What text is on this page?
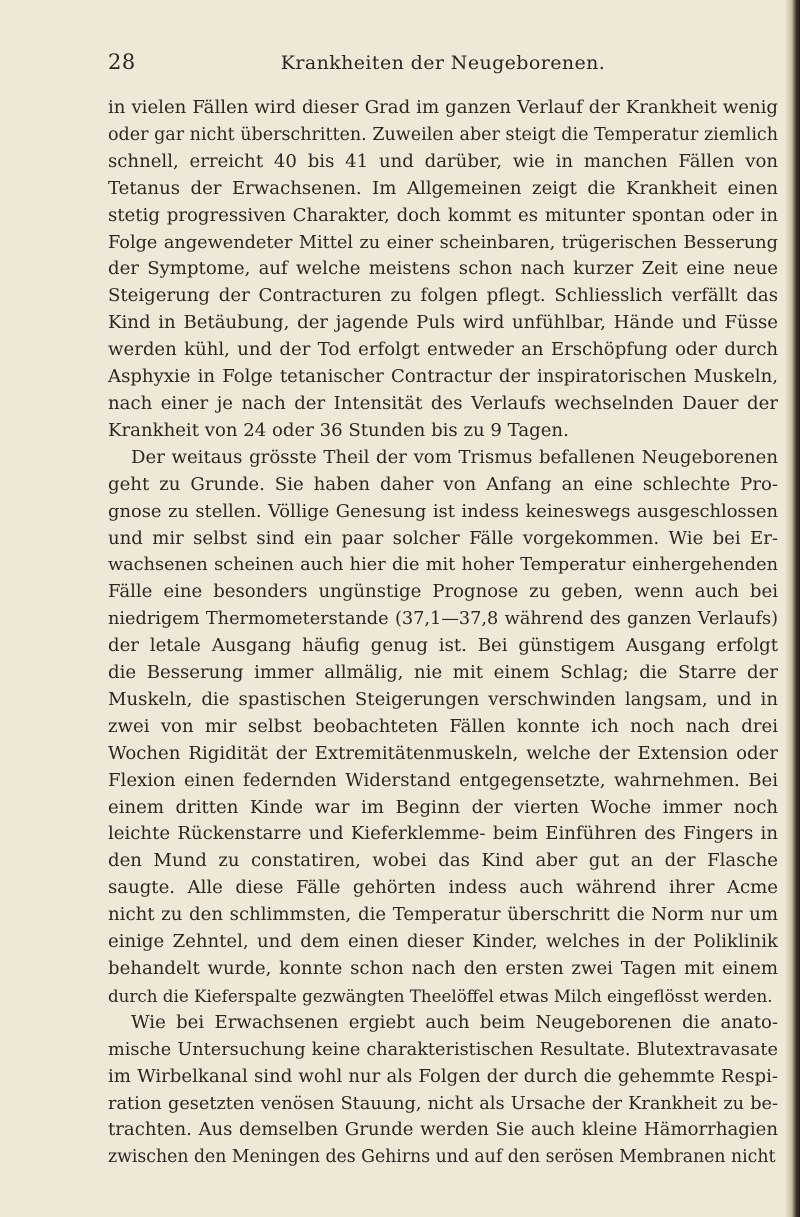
28	Krankheiten der Neugeborenen.
in vielen Fällen wird dieser Grad im ganzen Verlauf der Krankheit wenig
oder gar nicht überschritten. Zuweilen aber steigt die Temperatur ziemlich
schnell, erreicht 40 bis 41 und darüber, wie in manchen Fällen von
Tetanus der Erwachsenen. Im Allgemeinen zeigt die Krankheit einen
stetig progressiven Charakter, doch kommt es mitunter spontan oder in
Folge angewendeter Mittel zu einer scheinbaren, trügerischen Besserung
der Symptome, auf welche meistens schon nach kurzer Zeit eine neue
Steigerung der Contracturen zu folgen pflegt. Schliesslich verfällt das
Kind in Betäubung, der jagende Puls wird unfühlbar, Hände und Füsse
werden kühl, und der Tod erfolgt entweder an Erschöpfung oder durch
Asphyxie in Folge tetanischer Contractur der inspiratorischen Muskeln,
nach einer je nach der Intensität des Verlaufs wechselnden Dauer der
Krankheit von 24 oder 36 Stunden bis zu 9 Tagen.
Der weitaus grösste Theil der vom Trismus befallenen Neugeborenen
geht zu Grunde. Sie haben daher von Anfang an eine schlechte Pro-
gnose zu stellen. Völlige Genesung ist indess keineswegs ausgeschlossen
und mir selbst sind ein paar solcher Fälle vorgekommen. Wie bei Er-
wachsenen scheinen auch hier die mit hoher Temperatur einhergehenden
Fälle eine besonders ungünstige Prognose zu geben, wenn auch bei
niedrigem Thermometerstande (37,1—37,8 während des ganzen Verlaufs)
der letale Ausgang häufig genug ist. Bei günstigem Ausgang erfolgt
die Besserung immer allmälig, nie mit einem Schlag; die Starre der
Muskeln, die spastischen Steigerungen verschwinden langsam, und in
zwei von mir selbst beobachteten Fällen konnte ich noch nach drei
Wochen Rigidität der Extremitätenmuskeln, welche der Extension oder
Flexion einen federnden Widerstand entgegensetzte, wahrnehmen. Bei
einem dritten Kinde war im Beginn der vierten Woche immer noch
leichte Rückenstarre und Kieferklemme- beim Einführen des Fingers in
den Mund zu constatiren, wobei das Kind aber gut an der Flasche
saugte. Alle diese Fälle gehörten indess auch während ihrer Acme
nicht zu den schlimmsten, die Temperatur überschritt die Norm nur um
einige Zehntel, und dem einen dieser Kinder, welches in der Poliklinik
behandelt wurde, konnte schon nach den ersten zwei Tagen mit einem
durch die Kieferspalte gezwängten Theelöffel etwas Milch eingeflösst werden.
Wie bei Erwachsenen ergiebt auch beim Neugeborenen die anato-
mische Untersuchung keine charakteristischen Resultate. Blutextravasate
im Wirbelkanal sind wohl nur als Folgen der durch die gehemmte Respi-
ration gesetzten venösen Stauung, nicht als Ursache der Krankheit zu be-
trachten. Aus demselben Grunde werden Sie auch kleine Hämorrhagien
zwischen den Meningen des Gehirns und auf den serösen Membranen nicht
